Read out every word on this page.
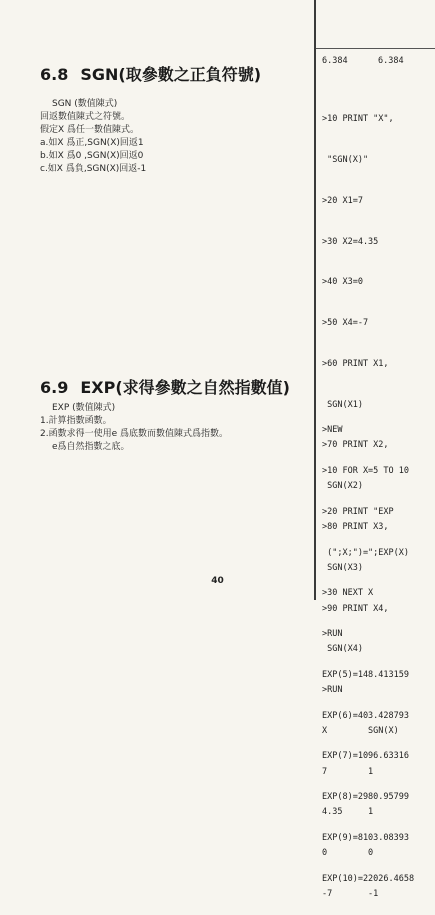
6.8 SGN(取參數之正負符號)
SGN (數值陳式)
回返數值陳式之符號。
假定X 爲任一數值陳式。
a.如X 爲正,SGN(X)回返1
b.如X 爲0 ,SGN(X)回返0
c.如X 爲負,SGN(X)回返-1
6.9 EXP(求得參數之自然指數值)
EXP (數值陳式)
1.計算指數函數。
2.函數求得一使用e 爲底數而數值陳式爲指數。
e爲自然指數之底。

6.384	6.384

>10 PRINT "X",

"SGN(X)"

>20 X1=7

>30 X2=4.35

>40 X3=0

>50 X4=-7

>60 PRINT X1,

SGN(X1)

>70 PRINT X2,

SGN(X2)

>80 PRINT X3,

SGN(X3)

>90 PRINT X4,

SGN(X4)

>RUN

X	SGN(X)

7	1

4.35	1

0	0

-7	-1

>NEW

>10 FOR X=5 TO 10

>20 PRINT "EXP

(";X;")=";EXP(X)

>30 NEXT X

>RUN

EXP(5)=148.413159

EXP(6)=403.428793

EXP(7)=1096.63316

EXP(8)=2980.95799

EXP(9)=8103.08393

EXP(10)=22026.4658

40
